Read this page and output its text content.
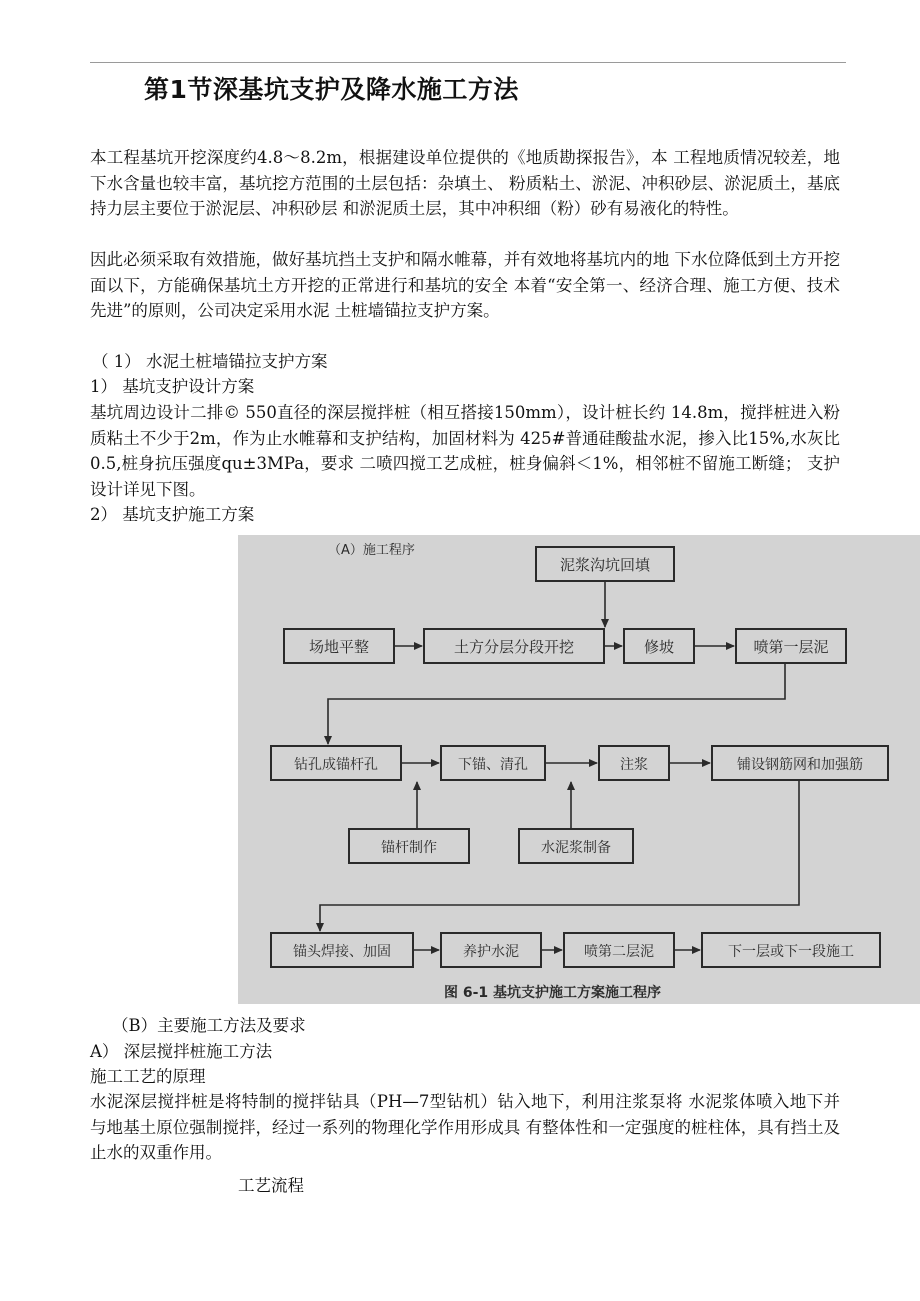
第1节深基坑支护及降水施工方法

本工程基坑开挖深度约4.8～8.2m，根据建设单位提供的《地质勘探报告》，本 工程地质情况较差，地下水含量也较丰富，基坑挖方范围的土层包括：杂填土、 粉质粘土、淤泥、冲积砂层、淤泥质土，基底持力层主要位于淤泥层、冲积砂层 和淤泥质土层，其中冲积细（粉）砂有易液化的特性。

因此必须采取有效措施，做好基坑挡土支护和隔水帷幕，并有效地将基坑内的地 下水位降低到土方开挖面以下，方能确保基坑土方开挖的正常进行和基坑的安全 本着“安全第一、经济合理、施工方便、技术先进”的原则，公司决定采用水泥 土桩墙锚拉支护方案。

（ 1） 水泥土桩墙锚拉支护方案

1） 基坑支护设计方案

基坑周边设计二排© 550直径的深层搅拌桩（相互搭接150mm），设计桩长约 14.8m，搅拌桩进入粉质粘土不少于2m，作为止水帷幕和支护结构，加固材料为 425#普通硅酸盐水泥，掺入比15%,水灰比0.5,桩身抗压强度qu±3MPa，要求 二喷四搅工艺成桩，桩身偏斜＜1%，相邻桩不留施工断缝； 支护设计详见下图。

2） 基坑支护施工方案

（A）施工程序
泥浆沟坑回填
场地平整	土方分层分段开挖	修坡	喷第一层泥
钻孔成锚杆孔	下锚、清孔	注浆	铺设钢筋网和加强筋
锚杆制作	水泥浆制备
锚头焊接、加固	养护水泥	喷第二层泥	下一层或下一段施工
图 6-1 基坑支护施工方案施工程序

（B）主要施工方法及要求

A） 深层搅拌桩施工方法

施工工艺的原理

水泥深层搅拌桩是将特制的搅拌钻具（PH—7型钻机）钻入地下，利用注浆泵将 水泥浆体喷入地下并与地基土原位强制搅拌，经过一系列的物理化学作用形成具 有整体性和一定强度的桩柱体，具有挡土及止水的双重作用。

工艺流程
